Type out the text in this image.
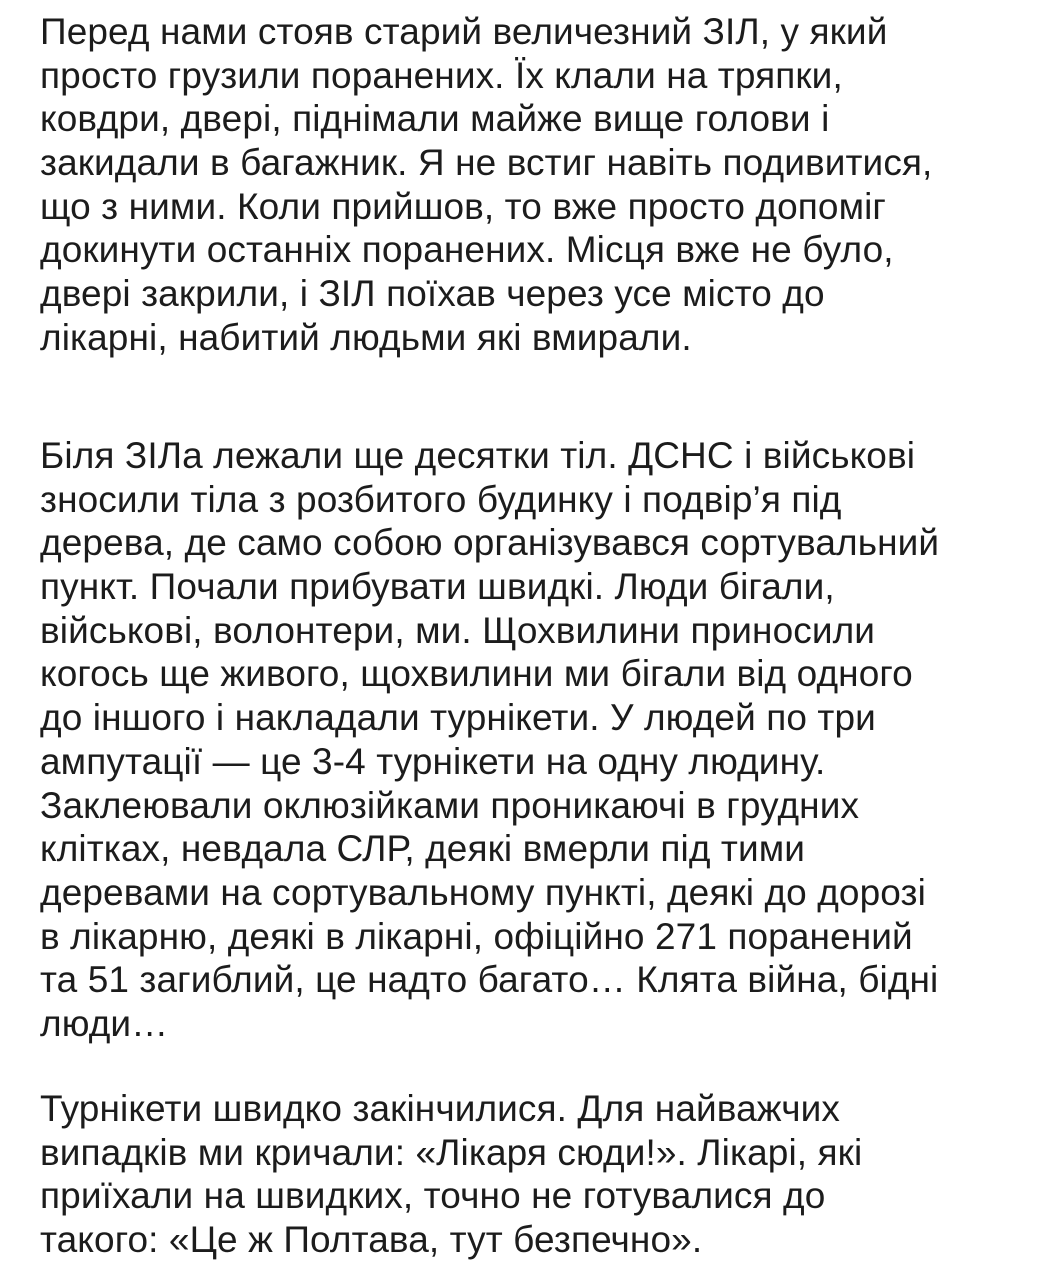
Перед нами стояв старий величезний ЗІЛ, у який
просто грузили поранених. Їх клали на тряпки,
ковдри, двері, піднімали майже вище голови і
закидали в багажник. Я не встиг навіть подивитися,
що з ними. Коли прийшов, то вже просто допоміг
докинути останніх поранених. Місця вже не було,
двері закрили, і ЗІЛ поїхав через усе місто до
лікарні, набитий людьми які вмирали.
Біля ЗІЛа лежали ще десятки тіл. ДСНС і військові
зносили тіла з розбитого будинку і подвір’я під
дерева, де само собою організувався сортувальний
пункт. Почали прибувати швидкі. Люди бігали,
військові, волонтери, ми. Щохвилини приносили
когось ще живого, щохвилини ми бігали від одного
до іншого і накладали турнікети. У людей по три
ампутації — це 3-4 турнікети на одну людину.
Заклеювали оклюзійками проникаючі в грудних
клітках, невдала СЛР, деякі вмерли під тими
деревами на сортувальному пункті, деякі до дорозі
в лікарню, деякі в лікарні, офіційно 271 поранений
та 51 загиблий, це надто багато… Клята війна, бідні
люди…
Турнікети швидко закінчилися. Для найважчих
випадків ми кричали: «Лікаря сюди!». Лікарі, які
приїхали на швидких, точно не готувалися до
такого: «Це ж Полтава, тут безпечно».
